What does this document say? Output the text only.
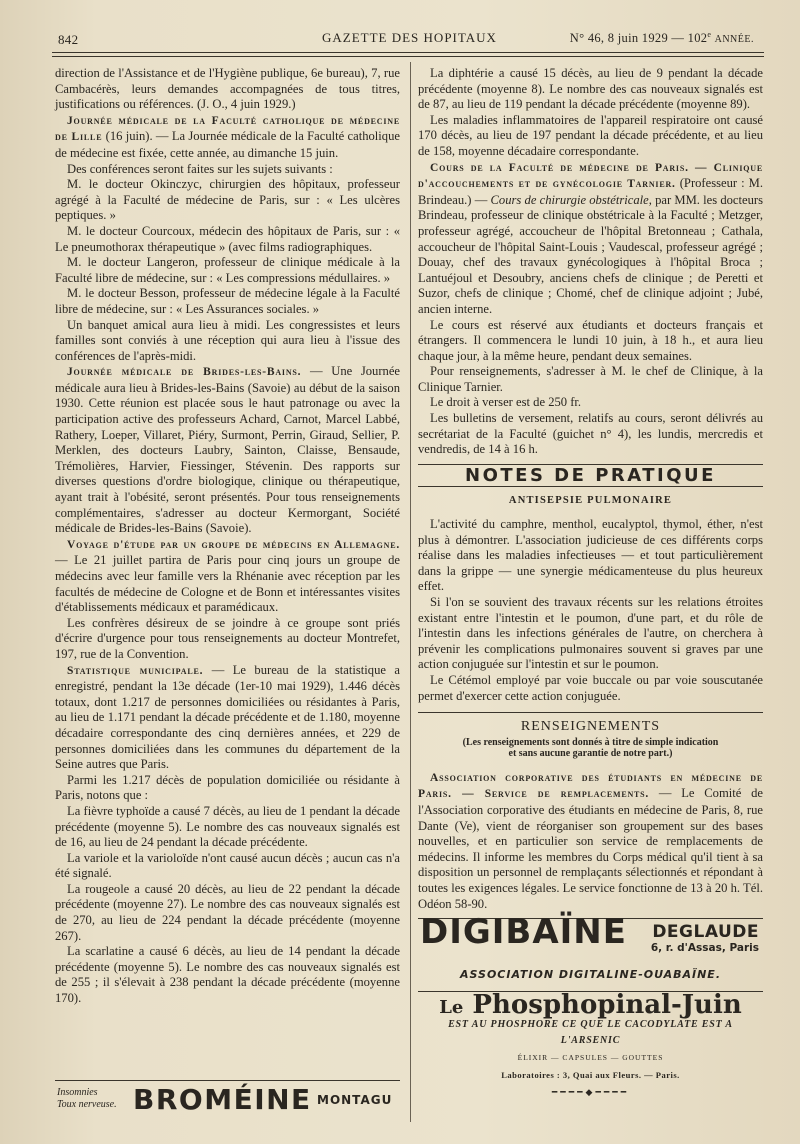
842	GAZETTE DES HOPITAUX	N° 46, 8 juin 1929 — 102e ANNÉE.

direction de l'Assistance et de l'Hygiène publique, 6e bureau), 7, rue Cambacérès, leurs demandes accompagnées de tous titres, justifications ou références. (J. O., 4 juin 1929.)

Journée médicale de la Faculté catholique de médecine de Lille (16 juin). — La Journée médicale de la Faculté catholique de médecine est fixée, cette année, au dimanche 15 juin.

Des conférences seront faites sur les sujets suivants :

M. le docteur Okinczyc, chirurgien des hôpitaux, professeur agrégé à la Faculté de médecine de Paris, sur : « Les ulcères peptiques. »

M. le docteur Courcoux, médecin des hôpitaux de Paris, sur : « Le pneumothorax thérapeutique » (avec films radiographiques.

M. le docteur Langeron, professeur de clinique médicale à la Faculté libre de médecine, sur : « Les compressions médullaires. »

M. le docteur Besson, professeur de médecine légale à la Faculté libre de médecine, sur : « Les Assurances sociales. »

Un banquet amical aura lieu à midi. Les congressistes et leurs familles sont conviés à une réception qui aura lieu à l'issue des conférences de l'après-midi.

Journée médicale de Brides-les-Bains. — Une Journée médicale aura lieu à Brides-les-Bains (Savoie) au début de la saison 1930. Cette réunion est placée sous le haut patronage ou avec la participation active des professeurs Achard, Carnot, Marcel Labbé, Rathery, Loeper, Villaret, Piéry, Surmont, Perrin, Giraud, Sellier, P. Merklen, des docteurs Laubry, Sainton, Claisse, Bensaude, Trémolières, Harvier, Fiessinger, Stévenin. Des rapports sur diverses questions d'ordre biologique, clinique ou thérapeutique, ayant trait à l'obésité, seront présentés. Pour tous renseignements complémentaires, s'adresser au docteur Kermorgant, Société médicale de Brides-les-Bains (Savoie).

Voyage d'étude par un groupe de médecins en Allemagne. — Le 21 juillet partira de Paris pour cinq jours un groupe de médecins avec leur famille vers la Rhénanie avec réception par les facultés de médecine de Cologne et de Bonn et intéressantes visites d'établissements médicaux et paramédicaux.

Les confrères désireux de se joindre à ce groupe sont priés d'écrire d'urgence pour tous renseignements au docteur Montrefet, 197, rue de la Convention.

Statistique municipale. — Le bureau de la statistique a enregistré, pendant la 13e décade (1er-10 mai 1929), 1.446 décès totaux, dont 1.217 de personnes domiciliées ou résidantes à Paris, au lieu de 1.171 pendant la décade précédente et de 1.180, moyenne décadaire correspondante des cinq dernières années, et 229 de personnes domiciliées dans les communes du département de la Seine autres que Paris.

Parmi les 1.217 décès de population domiciliée ou résidante à Paris, notons que :

La fièvre typhoïde a causé 7 décès, au lieu de 1 pendant la décade précédente (moyenne 5). Le nombre des cas nouveaux signalés est de 16, au lieu de 24 pendant la décade précédente.

La variole et la varioloïde n'ont causé aucun décès ; aucun cas n'a été signalé.

La rougeole a causé 20 décès, au lieu de 22 pendant la décade précédente (moyenne 27). Le nombre des cas nouveaux signalés est de 270, au lieu de 224 pendant la décade précédente (moyenne 267).

La scarlatine a causé 6 décès, au lieu de 14 pendant la décade précédente (moyenne 5). Le nombre des cas nouveaux signalés est de 255 ; il s'élevait à 238 pendant la décade précédente (moyenne 170).

Insomnies
Toux nerveuse. BROMÉINE MONTAGU

La diphtérie a causé 15 décès, au lieu de 9 pendant la décade précédente (moyenne 8). Le nombre des cas nouveaux signalés est de 87, au lieu de 119 pendant la décade précédente (moyenne 89).

Les maladies inflammatoires de l'appareil respiratoire ont causé 170 décès, au lieu de 197 pendant la décade précédente, et au lieu de 158, moyenne décadaire correspondante.

Cours de la Faculté de médecine de Paris. — Clinique d'accouchements et de gynécologie Tarnier. (Professeur : M. Brindeau.) — Cours de chirurgie obstétricale, par MM. les docteurs Brindeau, professeur de clinique obstétricale à la Faculté ; Metzger, professeur agrégé, accoucheur de l'hôpital Bretonneau ; Cathala, accoucheur de l'hôpital Saint-Louis ; Vaudescal, professeur agrégé ; Douay, chef des travaux gynécologiques à l'hôpital Broca ; Lantuéjoul et Desoubry, anciens chefs de clinique ; de Peretti et Suzor, chefs de clinique ; Chomé, chef de clinique adjoint ; Jubé, ancien interne.

Le cours est réservé aux étudiants et docteurs français et étrangers. Il commencera le lundi 10 juin, à 18 h., et aura lieu chaque jour, à la même heure, pendant deux semaines.

Pour renseignements, s'adresser à M. le chef de Clinique, à la Clinique Tarnier.

Le droit à verser est de 250 fr.

Les bulletins de versement, relatifs au cours, seront délivrés au secrétariat de la Faculté (guichet n° 4), les lundis, mercredis et vendredis, de 14 à 16 h.

NOTES DE PRATIQUE
ANTISEPSIE PULMONAIRE

L'activité du camphre, menthol, eucalyptol, thymol, éther, n'est plus à démontrer. L'association judicieuse de ces différents corps réalise dans les maladies infectieuses — et tout particulièrement dans la grippe — une synergie médicamenteuse du plus heureux effet.

Si l'on se souvient des travaux récents sur les relations étroites existant entre l'intestin et le poumon, d'une part, et du rôle de l'intestin dans les infections générales de l'autre, on cherchera à prévenir les complications pulmonaires souvent si graves par une action conjuguée sur l'intestin et sur le poumon.

Le Cétémol employé par voie buccale ou par voie souscutanée permet d'exercer cette action conjuguée.

RENSEIGNEMENTS
(Les renseignements sont donnés à titre de simple indication
et sans aucune garantie de notre part.)

Association corporative des étudiants en médecine de Paris. — Service de remplacements. — Le Comité de l'Association corporative des étudiants en médecine de Paris, 8, rue Dante (Ve), vient de réorganiser son groupement sur des bases nouvelles, et en particulier son service de remplacements de médecins. Il informe les membres du Corps médical qu'il tient à sa disposition un personnel de remplaçants sélectionnés et répondant à toutes les exigences légales. Le service fonctionne de 13 à 20 h. Tél. Odéon 58-90.

DIGIBAÏNE DEGLAUDE
6, r. d'Assas, Paris
ASSOCIATION DIGITALINE-OUABAÏNE.
Le Phosphopinal-Juin
EST AU PHOSPHORE CE QUE LE CACODYLATE EST A L'ARSENIC
ÉLIXIR — CAPSULES — GOUTTES
Laboratoires : 3, Quai aux Fleurs. — Paris.
━━━━◆━━━━
